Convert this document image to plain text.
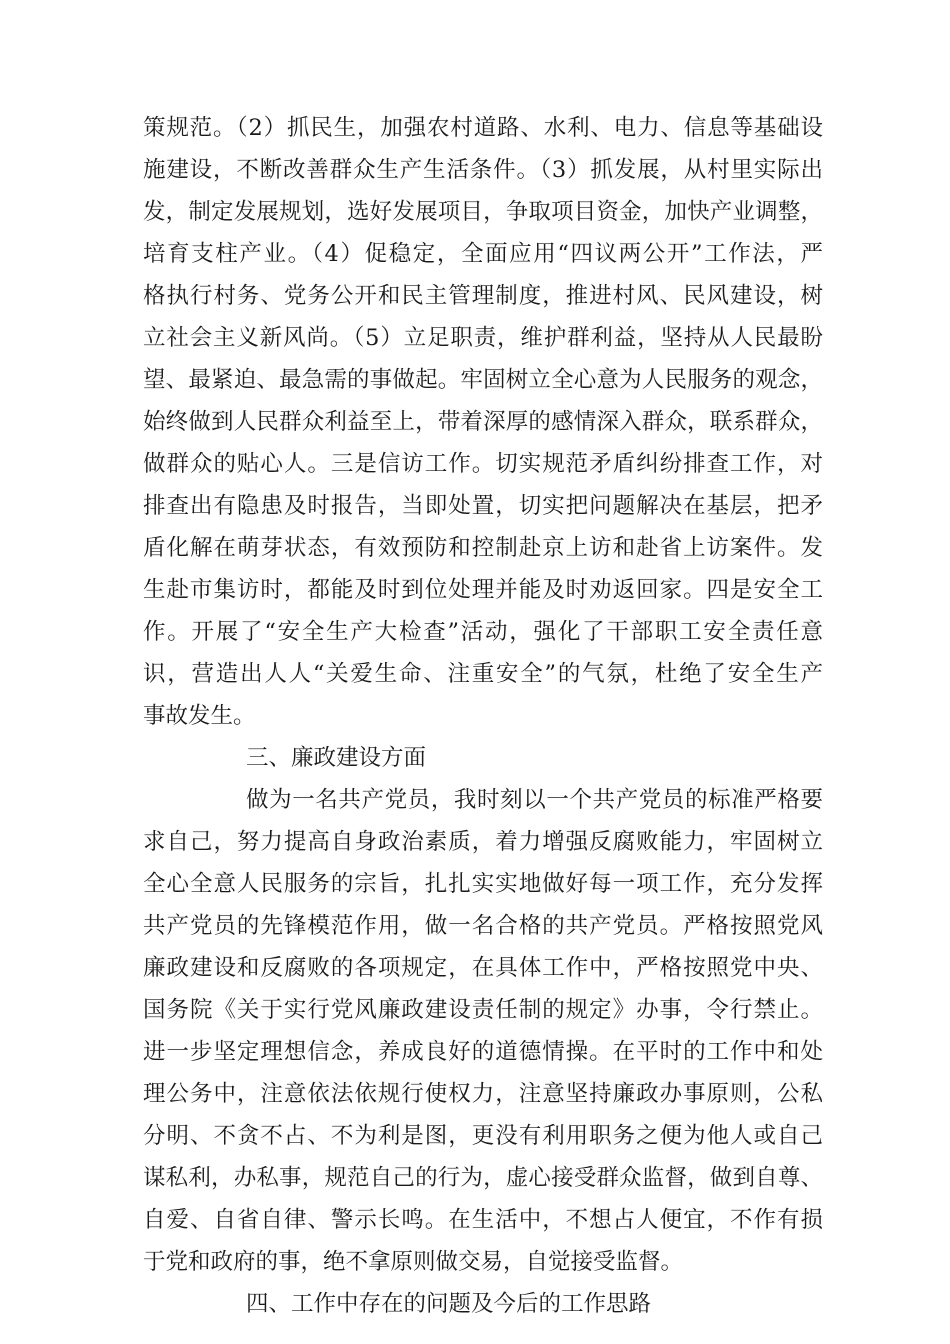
策规范。（2）抓民生，加强农村道路、水利、电力、信息等基础设
施建设，不断改善群众生产生活条件。（3）抓发展，从村里实际出
发，制定发展规划，选好发展项目，争取项目资金，加快产业调整，
培育支柱产业。（4）促稳定，全面应用“四议两公开”工作法，严
格执行村务、党务公开和民主管理制度，推进村风、民风建设，树
立社会主义新风尚。（5）立足职责，维护群利益，坚持从人民最盼
望、最紧迫、最急需的事做起。牢固树立全心意为人民服务的观念，
始终做到人民群众利益至上，带着深厚的感情深入群众，联系群众，
做群众的贴心人。三是信访工作。切实规范矛盾纠纷排查工作，对
排查出有隐患及时报告，当即处置，切实把问题解决在基层，把矛
盾化解在萌芽状态，有效预防和控制赴京上访和赴省上访案件。发
生赴市集访时，都能及时到位处理并能及时劝返回家。四是安全工
作。开展了“安全生产大检查”活动，强化了干部职工安全责任意
识，营造出人人“关爱生命、注重安全”的气氛，杜绝了安全生产
事故发生。
三、廉政建设方面
做为一名共产党员，我时刻以一个共产党员的标准严格要
求自己，努力提高自身政治素质，着力增强反腐败能力，牢固树立
全心全意人民服务的宗旨，扎扎实实地做好每一项工作，充分发挥
共产党员的先锋模范作用，做一名合格的共产党员。严格按照党风
廉政建设和反腐败的各项规定，在具体工作中，严格按照党中央、
国务院《关于实行党风廉政建设责任制的规定》办事，令行禁止。
进一步坚定理想信念，养成良好的道德情操。在平时的工作中和处
理公务中，注意依法依规行使权力，注意坚持廉政办事原则，公私
分明、不贪不占、不为利是图，更没有利用职务之便为他人或自己
谋私利，办私事，规范自己的行为，虚心接受群众监督，做到自尊、
自爱、自省自律、警示长鸣。在生活中，不想占人便宜，不作有损
于党和政府的事，绝不拿原则做交易，自觉接受监督。
四、工作中存在的问题及今后的工作思路
